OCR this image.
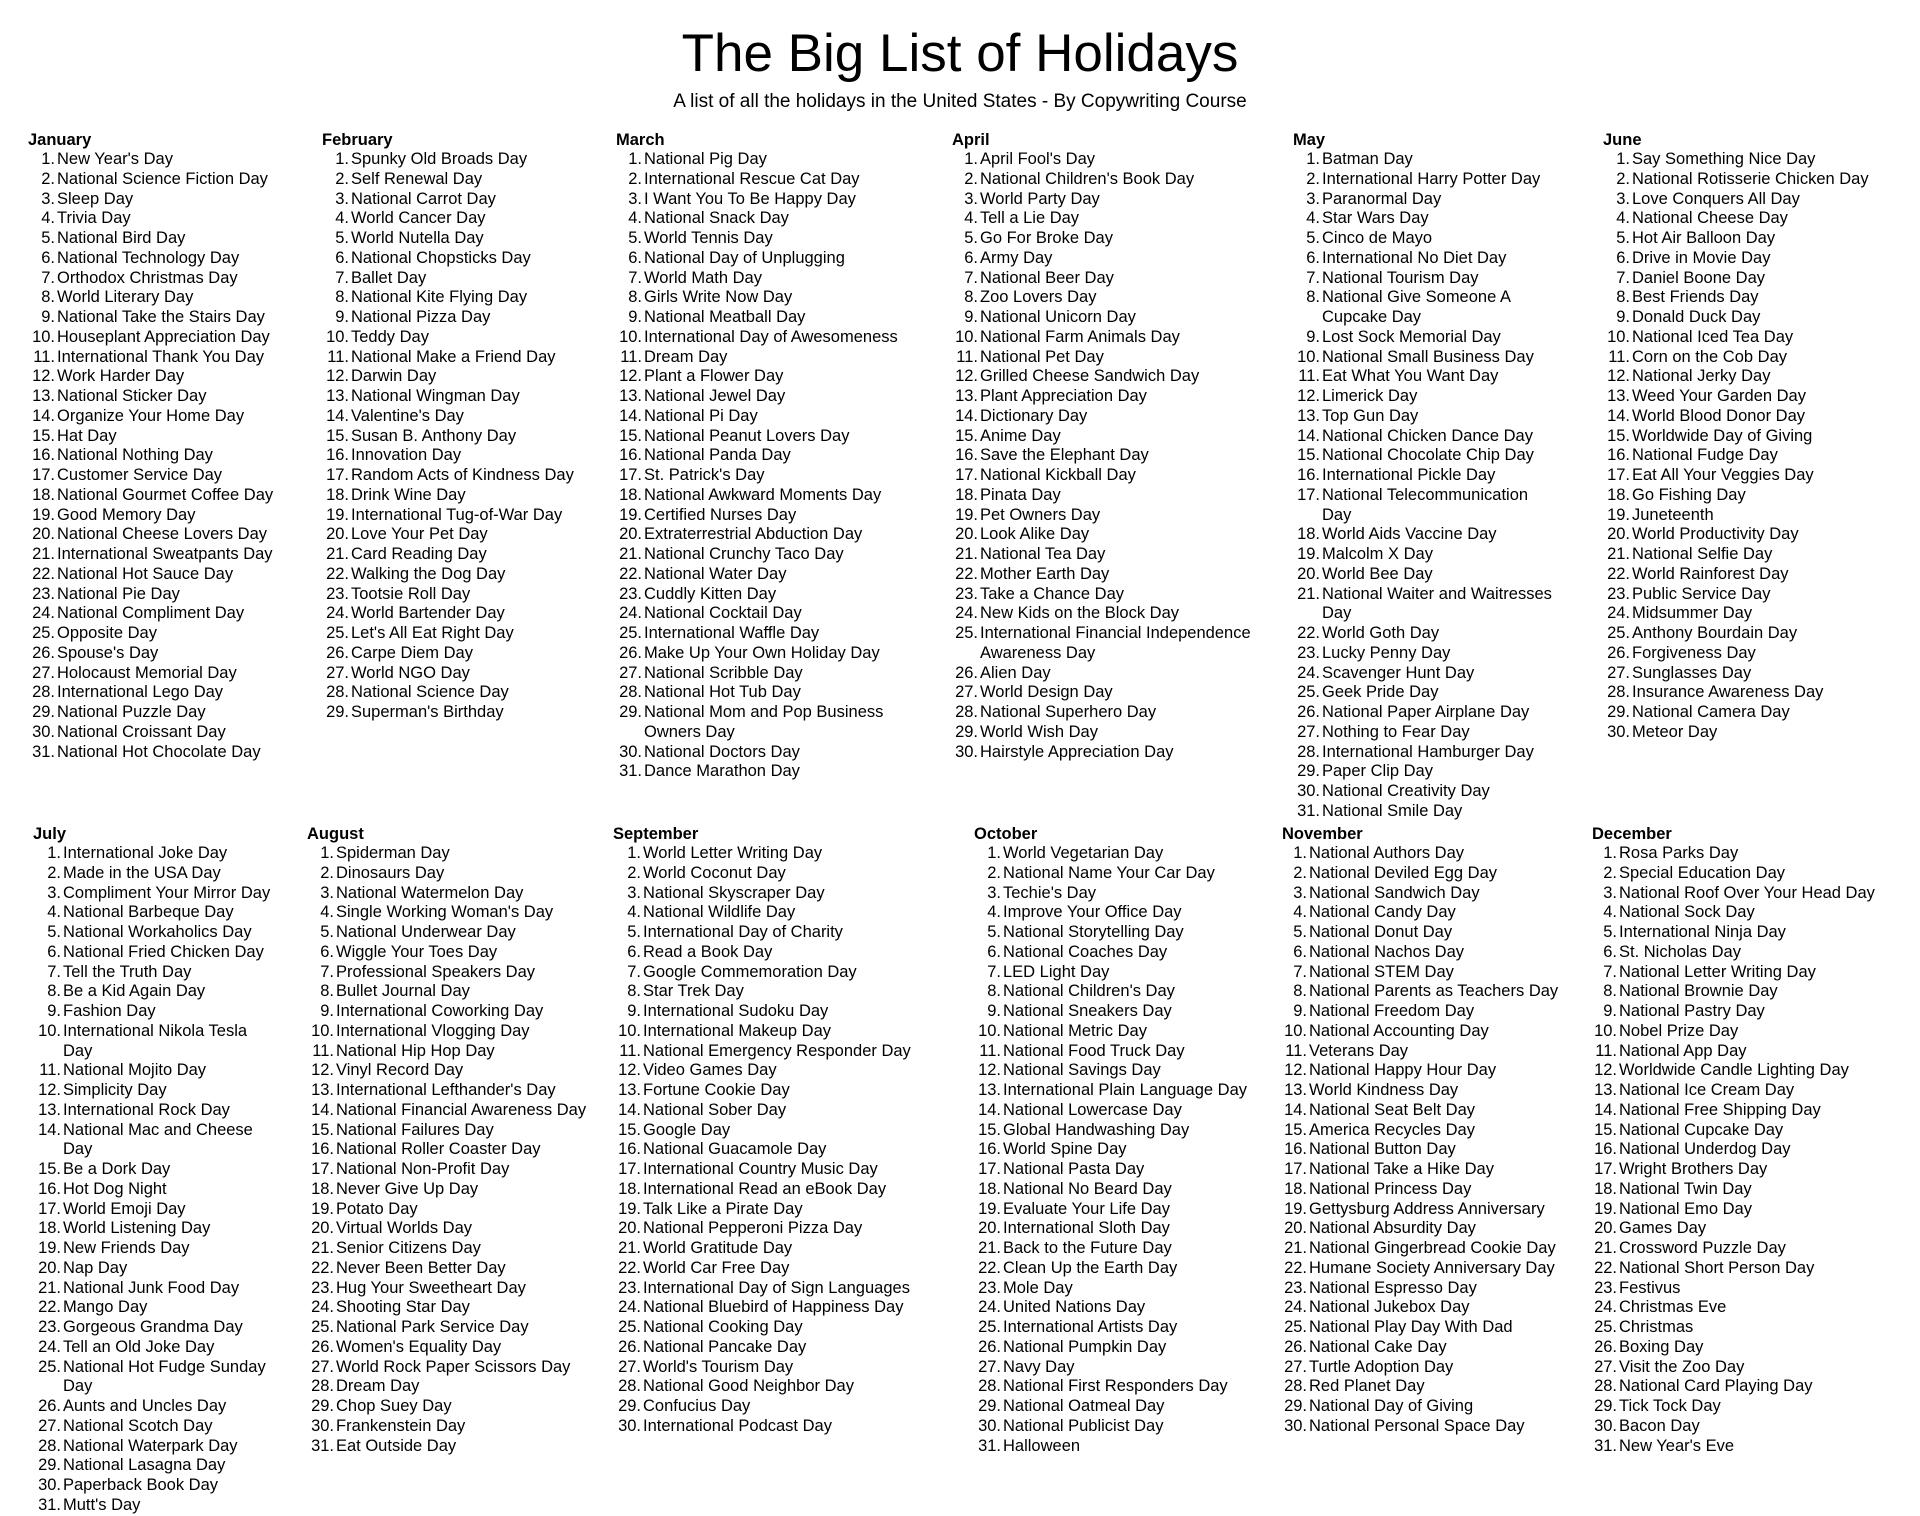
The Big List of Holidays
A list of all the holidays in the United States - By Copywriting Course
January
1. New Year's Day
2. National Science Fiction Day
3. Sleep Day
4. Trivia Day
5. National Bird Day
6. National Technology Day
7. Orthodox Christmas Day
8. World Literary Day
9. National Take the Stairs Day
10. Houseplant Appreciation Day
11. International Thank You Day
12. Work Harder Day
13. National Sticker Day
14. Organize Your Home Day
15. Hat Day
16. National Nothing Day
17. Customer Service Day
18. National Gourmet Coffee Day
19. Good Memory Day
20. National Cheese Lovers Day
21. International Sweatpants Day
22. National Hot Sauce Day
23. National Pie Day
24. National Compliment Day
25. Opposite Day
26. Spouse's Day
27. Holocaust Memorial Day
28. International Lego Day
29. National Puzzle Day
30. National Croissant Day
31. National Hot Chocolate Day
February
1. Spunky Old Broads Day
2. Self Renewal Day
3. National Carrot Day
4. World Cancer Day
5. World Nutella Day
6. National Chopsticks Day
7. Ballet Day
8. National Kite Flying Day
9. National Pizza Day
10. Teddy Day
11. National Make a Friend Day
12. Darwin Day
13. National Wingman Day
14. Valentine's Day
15. Susan B. Anthony Day
16. Innovation Day
17. Random Acts of Kindness Day
18. Drink Wine Day
19. International Tug-of-War Day
20. Love Your Pet Day
21. Card Reading Day
22. Walking the Dog Day
23. Tootsie Roll Day
24. World Bartender Day
25. Let's All Eat Right Day
26. Carpe Diem Day
27. World NGO Day
28. National Science Day
29. Superman's Birthday
March
1. National Pig Day
2. International Rescue Cat Day
3. I Want You To Be Happy Day
4. National Snack Day
5. World Tennis Day
6. National Day of Unplugging
7. World Math Day
8. Girls Write Now Day
9. National Meatball Day
10. International Day of Awesomeness
11. Dream Day
12. Plant a Flower Day
13. National Jewel Day
14. National Pi Day
15. National Peanut Lovers Day
16. National Panda Day
17. St. Patrick's Day
18. National Awkward Moments Day
19. Certified Nurses Day
20. Extraterrestrial Abduction Day
21. National Crunchy Taco Day
22. National Water Day
23. Cuddly Kitten Day
24. National Cocktail Day
25. International Waffle Day
26. Make Up Your Own Holiday Day
27. National Scribble Day
28. National Hot Tub Day
29. National Mom and Pop Business Owners Day
30. National Doctors Day
31. Dance Marathon Day
April
1. April Fool's Day
2. National Children's Book Day
3. World Party Day
4. Tell a Lie Day
5. Go For Broke Day
6. Army Day
7. National Beer Day
8. Zoo Lovers Day
9. National Unicorn Day
10. National Farm Animals Day
11. National Pet Day
12. Grilled Cheese Sandwich Day
13. Plant Appreciation Day
14. Dictionary Day
15. Anime Day
16. Save the Elephant Day
17. National Kickball Day
18. Pinata Day
19. Pet Owners Day
20. Look Alike Day
21. National Tea Day
22. Mother Earth Day
23. Take a Chance Day
24. New Kids on the Block Day
25. International Financial Independence Awareness Day
26. Alien Day
27. World Design Day
28. National Superhero Day
29. World Wish Day
30. Hairstyle Appreciation Day
May
1. Batman Day
2. International Harry Potter Day
3. Paranormal Day
4. Star Wars Day
5. Cinco de Mayo
6. International No Diet Day
7. National Tourism Day
8. National Give Someone A Cupcake Day
9. Lost Sock Memorial Day
10. National Small Business Day
11. Eat What You Want Day
12. Limerick Day
13. Top Gun Day
14. National Chicken Dance Day
15. National Chocolate Chip Day
16. International Pickle Day
17. National Telecommunication Day
18. World Aids Vaccine Day
19. Malcolm X Day
20. World Bee Day
21. National Waiter and Waitresses Day
22. World Goth Day
23. Lucky Penny Day
24. Scavenger Hunt Day
25. Geek Pride Day
26. National Paper Airplane Day
27. Nothing to Fear Day
28. International Hamburger Day
29. Paper Clip Day
30. National Creativity Day
31. National Smile Day
June
1. Say Something Nice Day
2. National Rotisserie Chicken Day
3. Love Conquers All Day
4. National Cheese Day
5. Hot Air Balloon Day
6. Drive in Movie Day
7. Daniel Boone Day
8. Best Friends Day
9. Donald Duck Day
10. National Iced Tea Day
11. Corn on the Cob Day
12. National Jerky Day
13. Weed Your Garden Day
14. World Blood Donor Day
15. Worldwide Day of Giving
16. National Fudge Day
17. Eat All Your Veggies Day
18. Go Fishing Day
19. Juneteenth
20. World Productivity Day
21. National Selfie Day
22. World Rainforest Day
23. Public Service Day
24. Midsummer Day
25. Anthony Bourdain Day
26. Forgiveness Day
27. Sunglasses Day
28. Insurance Awareness Day
29. National Camera Day
30. Meteor Day
July
1. International Joke Day
2. Made in the USA Day
3. Compliment Your Mirror Day
4. National Barbeque Day
5. National Workaholics Day
6. National Fried Chicken Day
7. Tell the Truth Day
8. Be a Kid Again Day
9. Fashion Day
10. International Nikola Tesla Day
11. National Mojito Day
12. Simplicity Day
13. International Rock Day
14. National Mac and Cheese Day
15. Be a Dork Day
16. Hot Dog Night
17. World Emoji Day
18. World Listening Day
19. New Friends Day
20. Nap Day
21. National Junk Food Day
22. Mango Day
23. Gorgeous Grandma Day
24. Tell an Old Joke Day
25. National Hot Fudge Sunday Day
26. Aunts and Uncles Day
27. National Scotch Day
28. National Waterpark Day
29. National Lasagna Day
30. Paperback Book Day
31. Mutt's Day
August
1. Spiderman Day
2. Dinosaurs Day
3. National Watermelon Day
4. Single Working Woman's Day
5. National Underwear Day
6. Wiggle Your Toes Day
7. Professional Speakers Day
8. Bullet Journal Day
9. International Coworking Day
10. International Vlogging Day
11. National Hip Hop Day
12. Vinyl Record Day
13. International Lefthander's Day
14. National Financial Awareness Day
15. National Failures Day
16. National Roller Coaster Day
17. National Non-Profit Day
18. Never Give Up Day
19. Potato Day
20. Virtual Worlds Day
21. Senior Citizens Day
22. Never Been Better Day
23. Hug Your Sweetheart Day
24. Shooting Star Day
25. National Park Service Day
26. Women's Equality Day
27. World Rock Paper Scissors Day
28. Dream Day
29. Chop Suey Day
30. Frankenstein Day
31. Eat Outside Day
September
1. World Letter Writing Day
2. World Coconut Day
3. National Skyscraper Day
4. National Wildlife Day
5. International Day of Charity
6. Read a Book Day
7. Google Commemoration Day
8. Star Trek Day
9. International Sudoku Day
10. International Makeup Day
11. National Emergency Responder Day
12. Video Games Day
13. Fortune Cookie Day
14. National Sober Day
15. Google Day
16. National Guacamole Day
17. International Country Music Day
18. International Read an eBook Day
19. Talk Like a Pirate Day
20. National Pepperoni Pizza Day
21. World Gratitude Day
22. World Car Free Day
23. International Day of Sign Languages
24. National Bluebird of Happiness Day
25. National Cooking Day
26. National Pancake Day
27. World's Tourism Day
28. National Good Neighbor Day
29. Confucius Day
30. International Podcast Day
October
1. World Vegetarian Day
2. National Name Your Car Day
3. Techie's Day
4. Improve Your Office Day
5. National Storytelling Day
6. National Coaches Day
7. LED Light Day
8. National Children's Day
9. National Sneakers Day
10. National Metric Day
11. National Food Truck Day
12. National Savings Day
13. International Plain Language Day
14. National Lowercase Day
15. Global Handwashing Day
16. World Spine Day
17. National Pasta Day
18. National No Beard Day
19. Evaluate Your Life Day
20. International Sloth Day
21. Back to the Future Day
22. Clean Up the Earth Day
23. Mole Day
24. United Nations Day
25. International Artists Day
26. National Pumpkin Day
27. Navy Day
28. National First Responders Day
29. National Oatmeal Day
30. National Publicist Day
31. Halloween
November
1. National Authors Day
2. National Deviled Egg Day
3. National Sandwich Day
4. National Candy Day
5. National Donut Day
6. National Nachos Day
7. National STEM Day
8. National Parents as Teachers Day
9. National Freedom Day
10. National Accounting Day
11. Veterans Day
12. National Happy Hour Day
13. World Kindness Day
14. National Seat Belt Day
15. America Recycles Day
16. National Button Day
17. National Take a Hike Day
18. National Princess Day
19. Gettysburg Address Anniversary
20. National Absurdity Day
21. National Gingerbread Cookie Day
22. Humane Society Anniversary Day
23. National Espresso Day
24. National Jukebox Day
25. National Play Day With Dad
26. National Cake Day
27. Turtle Adoption Day
28. Red Planet Day
29. National Day of Giving
30. National Personal Space Day
December
1. Rosa Parks Day
2. Special Education Day
3. National Roof Over Your Head Day
4. National Sock Day
5. International Ninja Day
6. St. Nicholas Day
7. National Letter Writing Day
8. National Brownie Day
9. National Pastry Day
10. Nobel Prize Day
11. National App Day
12. Worldwide Candle Lighting Day
13. National Ice Cream Day
14. National Free Shipping Day
15. National Cupcake Day
16. National Underdog Day
17. Wright Brothers Day
18. National Twin Day
19. National Emo Day
20. Games Day
21. Crossword Puzzle Day
22. National Short Person Day
23. Festivus
24. Christmas Eve
25. Christmas
26. Boxing Day
27. Visit the Zoo Day
28. National Card Playing Day
29. Tick Tock Day
30. Bacon Day
31. New Year's Eve
